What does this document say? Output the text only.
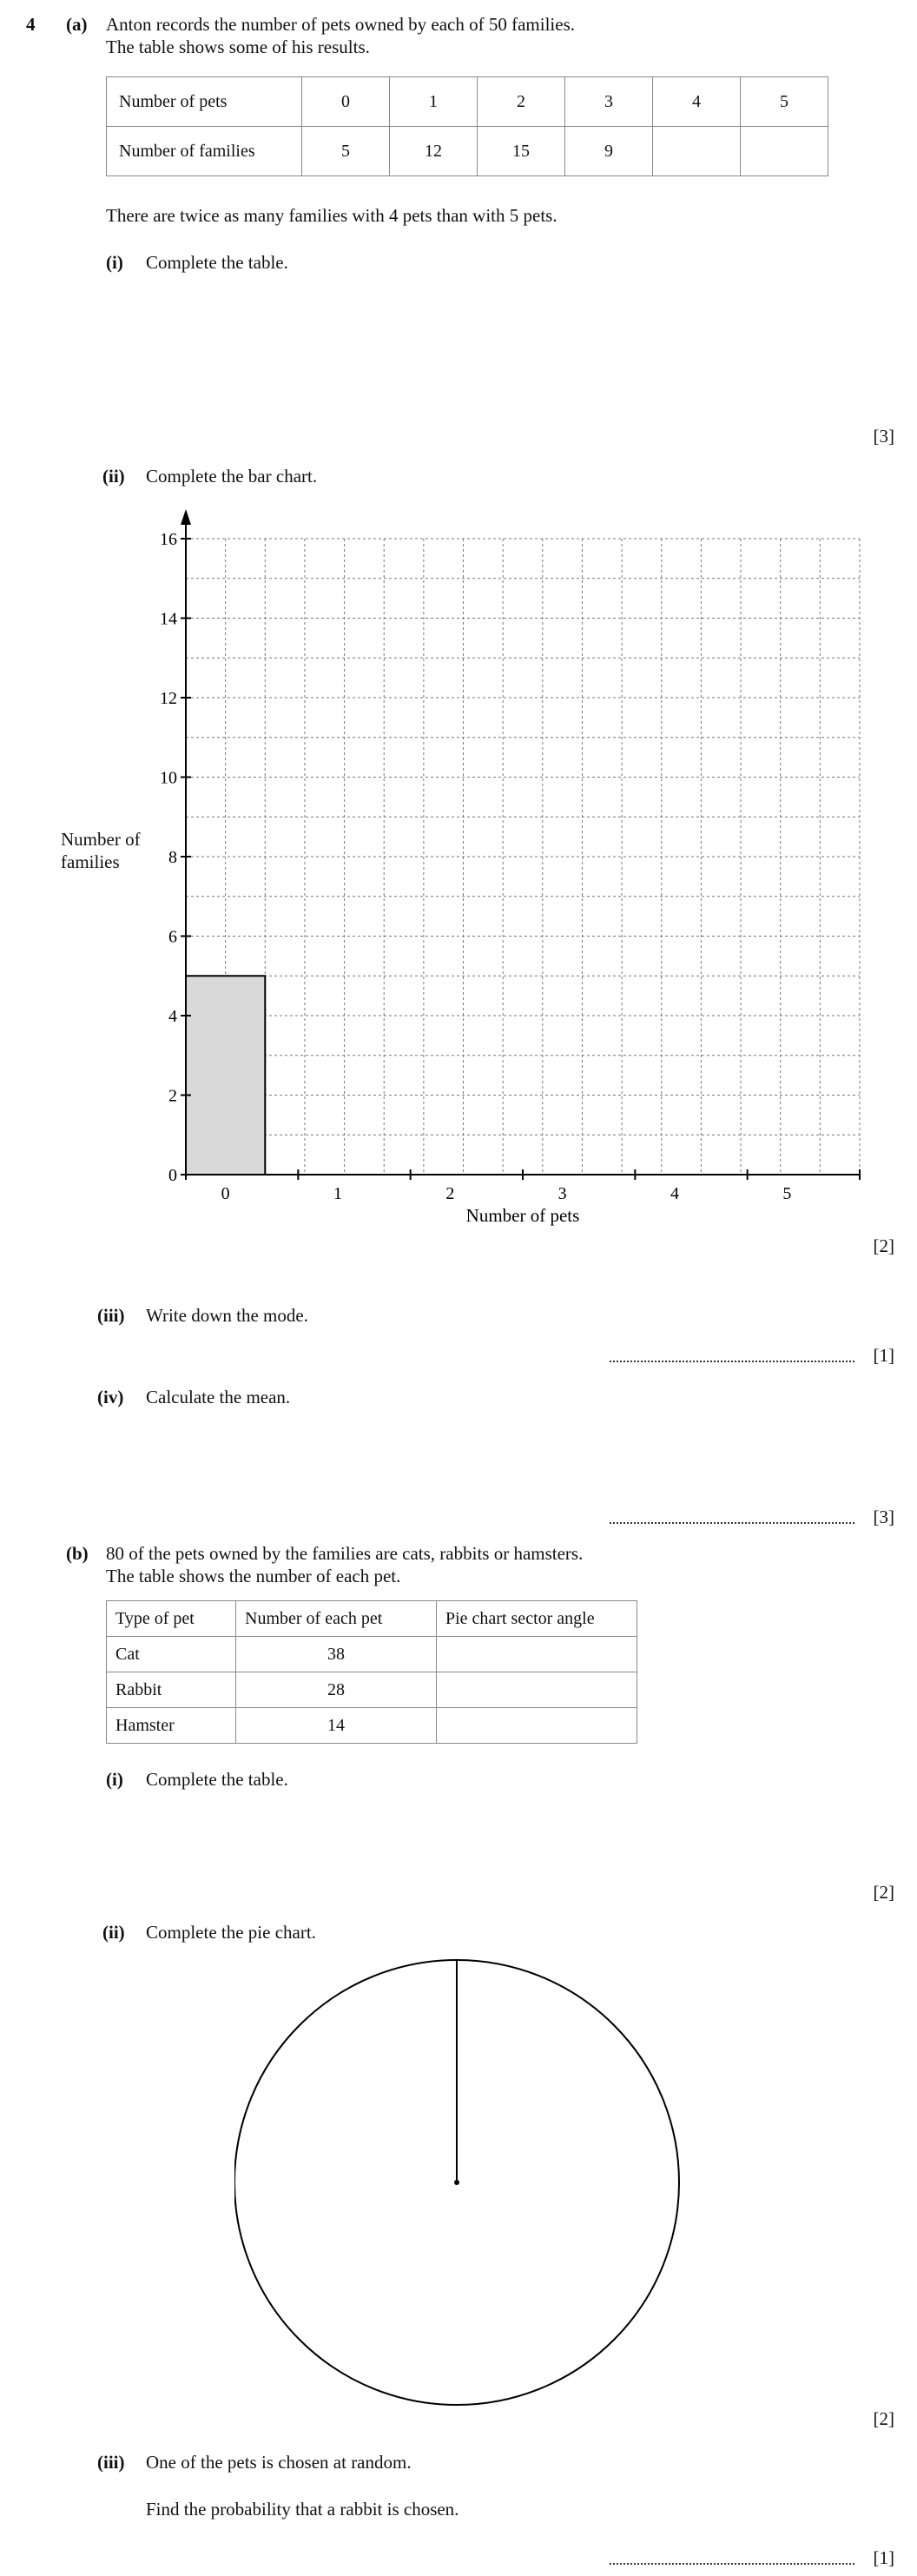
4 (a) Anton records the number of pets owned by each of 50 families.
The table shows some of his results.
Number of pets	0	1	2	3	4	5
Number of families	5	12	15	9		
There are twice as many families with 4 pets than with 5 pets.
(i) Complete the table.
[3]
(ii) Complete the bar chart.
Number of
families
0
2
4
6
8
10
12
14
16
0	1	2	3	4	5
Number of pets
[2]
(iii) Write down the mode.
[1]
(iv) Calculate the mean.
[3]
(b) 80 of the pets owned by the families are cats, rabbits or hamsters.
The table shows the number of each pet.
Type of pet	Number of each pet	Pie chart sector angle
Cat	38	
Rabbit	28	
Hamster	14	
(i) Complete the table.
[2]
(ii) Complete the pie chart.
[2]
(iii) One of the pets is chosen at random.
Find the probability that a rabbit is chosen.
[1]
